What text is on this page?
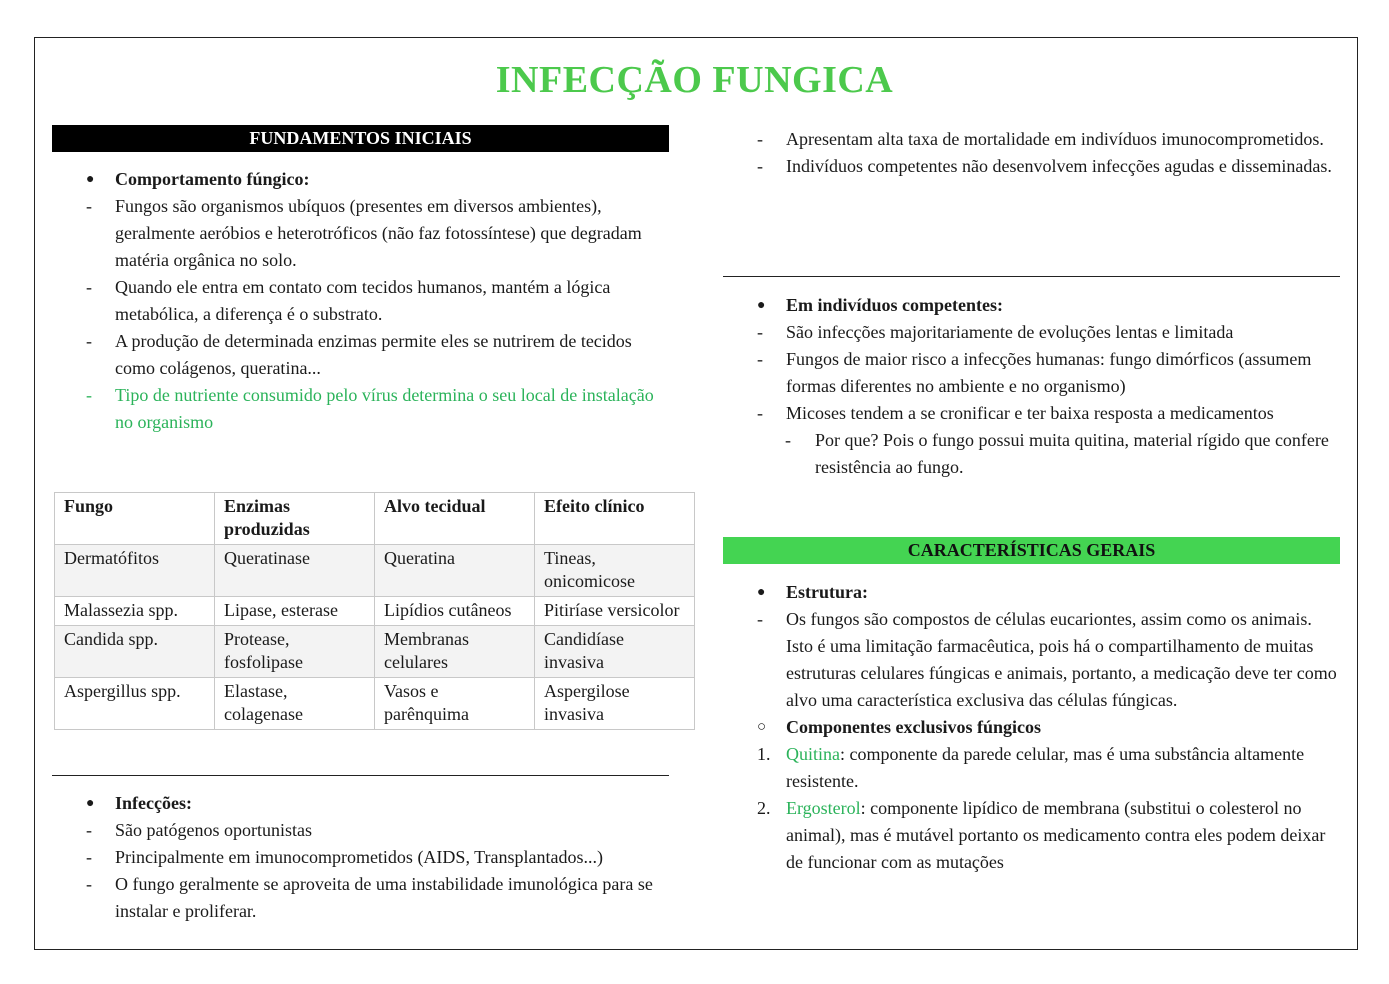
INFECÇÃO FUNGICA
FUNDAMENTOS INICIAIS
●	Comportamento fúngico:
-	Fungos são organismos ubíquos (presentes em diversos ambientes), geralmente aeróbios e heterotróficos (não faz fotossíntese) que degradam matéria orgânica no solo.
-	Quando ele entra em contato com tecidos humanos, mantém a lógica metabólica, a diferença é o substrato.
-	A produção de determinada enzimas permite eles se nutrirem de tecidos como colágenos, queratina...
-	Tipo de nutriente consumido pelo vírus determina o seu local de instalação no organismo
Fungo	Enzimas produzidas	Alvo tecidual	Efeito clínico
Dermatófitos	Queratinase	Queratina	Tineas, onicomicose
Malassezia spp.	Lipase, esterase	Lipídios cutâneos	Pitiríase versicolor
Candida spp.	Protease, fosfolipase	Membranas celulares	Candidíase invasiva
Aspergillus spp.	Elastase, colagenase	Vasos e parênquima	Aspergilose invasiva
●	Infecções:
-	São patógenos oportunistas
-	Principalmente em imunocomprometidos (AIDS, Transplantados...)
-	O fungo geralmente se aproveita de uma instabilidade imunológica para se instalar e proliferar.
-	Apresentam alta taxa de mortalidade em indivíduos imunocomprometidos.
-	Indivíduos competentes não desenvolvem infecções agudas e disseminadas.
●	Em indivíduos competentes:
-	São infecções majoritariamente de evoluções lentas e limitada
-	Fungos de maior risco a infecções humanas: fungo dimórficos (assumem formas diferentes no ambiente e no organismo)
-	Micoses tendem a se cronificar e ter baixa resposta a medicamentos
-	Por que? Pois o fungo possui muita quitina, material rígido que confere resistência ao fungo.
CARACTERÍSTICAS GERAIS
●	Estrutura:
-	Os fungos são compostos de células eucariontes, assim como os animais. Isto é uma limitação farmacêutica, pois há o compartilhamento de muitas estruturas celulares fúngicas e animais, portanto, a medicação deve ter como alvo uma característica exclusiva das células fúngicas.
○	Componentes exclusivos fúngicos
1. Quitina: componente da parede celular, mas é uma substância altamente resistente.
2. Ergosterol: componente lipídico de membrana (substitui o colesterol no animal), mas é mutável portanto os medicamento contra eles podem deixar de funcionar com as mutações
